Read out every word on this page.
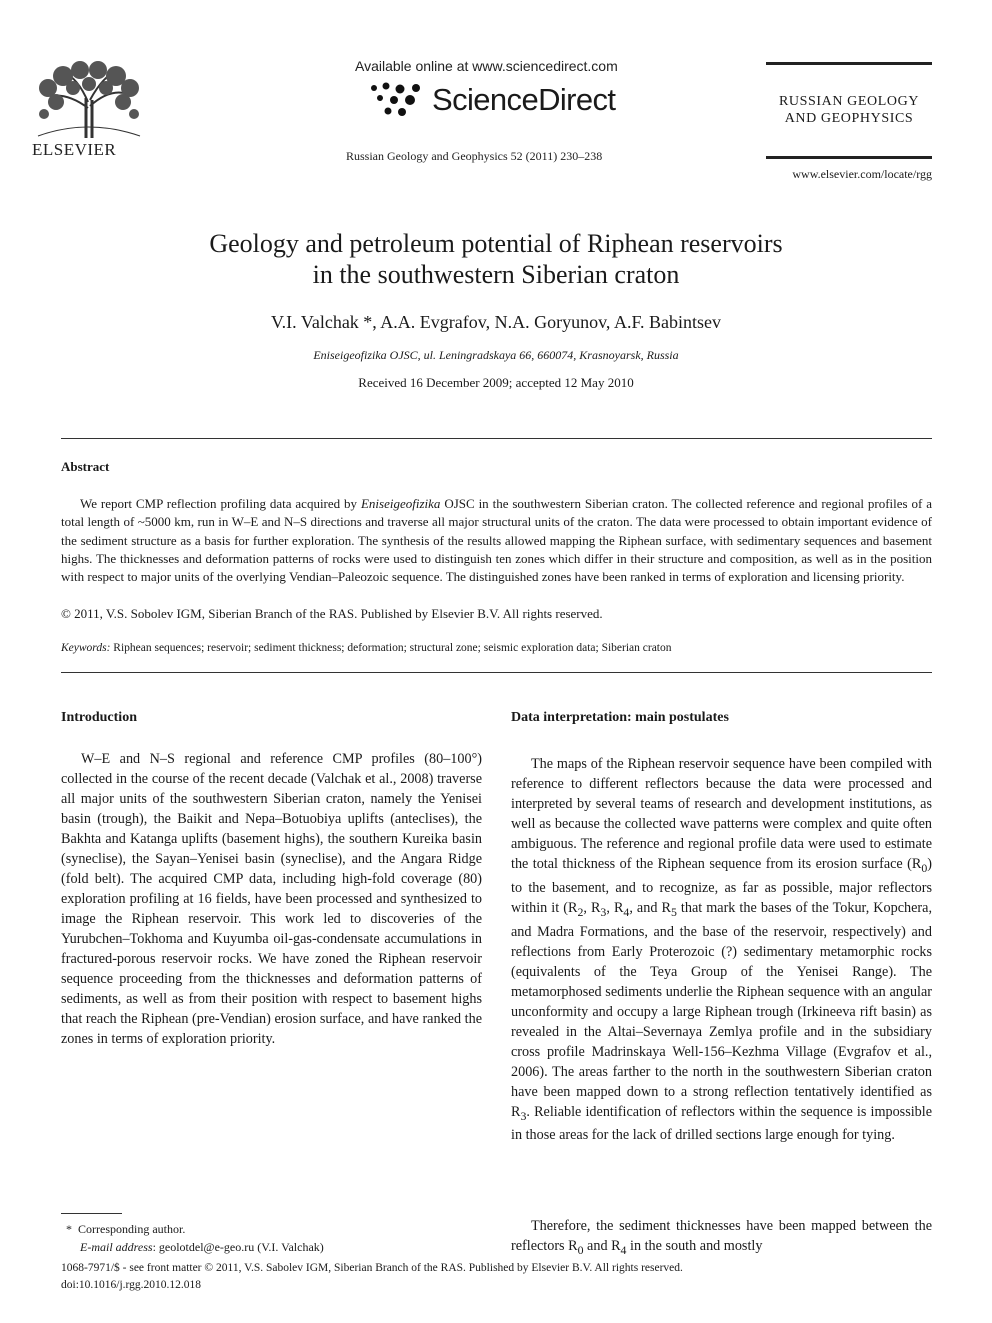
ELSEVIER
Available online at www.sciencedirect.com
ScienceDirect
Russian Geology and Geophysics 52 (2011) 230–238
RUSSIAN GEOLOGY
AND GEOPHYSICS
www.elsevier.com/locate/rgg
Geology and petroleum potential of Riphean reservoirs
in the southwestern Siberian craton
V.I. Valchak *, A.A. Evgrafov, N.A. Goryunov, A.F. Babintsev
Eniseigeofizika OJSC, ul. Leningradskaya 66, 660074, Krasnoyarsk, Russia
Received 16 December 2009; accepted 12 May 2010
Abstract
We report CMP reflection profiling data acquired by Eniseigeofizika OJSC in the southwestern Siberian craton. The collected reference and regional profiles of a total length of ~5000 km, run in W–E and N–S directions and traverse all major structural units of the craton. The data were processed to obtain important evidence of the sediment structure as a basis for further exploration. The synthesis of the results allowed mapping the Riphean surface, with sedimentary sequences and basement highs. The thicknesses and deformation patterns of rocks were used to distinguish ten zones which differ in their structure and composition, as well as in the position with respect to major units of the overlying Vendian–Paleozoic sequence. The distinguished zones have been ranked in terms of exploration and licensing priority.
© 2011, V.S. Sobolev IGM, Siberian Branch of the RAS. Published by Elsevier B.V. All rights reserved.
Keywords: Riphean sequences; reservoir; sediment thickness; deformation; structural zone; seismic exploration data; Siberian craton
Introduction
W–E and N–S regional and reference CMP profiles (80–100°) collected in the course of the recent decade (Valchak et al., 2008) traverse all major units of the southwestern Siberian craton, namely the Yenisei basin (trough), the Baikit and Nepa–Botuobiya uplifts (anteclises), the Bakhta and Katanga uplifts (basement highs), the southern Kureika basin (syneclise), the Sayan–Yenisei basin (syneclise), and the Angara Ridge (fold belt). The acquired CMP data, including high-fold coverage (80) exploration profiling at 16 fields, have been processed and synthesized to image the Riphean reservoir. This work led to discoveries of the Yurubchen–Tokhoma and Kuyumba oil-gas-condensate accumulations in fractured-porous reservoir rocks. We have zoned the Riphean reservoir sequence proceeding from the thicknesses and deformation patterns of sediments, as well as from their position with respect to basement highs that reach the Riphean (pre-Vendian) erosion surface, and have ranked the zones in terms of exploration priority.
Data interpretation: main postulates
The maps of the Riphean reservoir sequence have been compiled with reference to different reflectors because the data were processed and interpreted by several teams of research and development institutions, as well as because the collected wave patterns were complex and quite often ambiguous. The reference and regional profile data were used to estimate the total thickness of the Riphean sequence from its erosion surface $(R_0)$ to the basement, and to recognize, as far as possible, major reflectors within it ($R_2$, $R_3$, $R_4$, and $R_5$ that mark the bases of the Tokur, Kopchera, and Madra Formations, and the base of the reservoir, respectively) and reflections from Early Proterozoic (?) sedimentary metamorphic rocks (equivalents of the Teya Group of the Yenisei Range). The metamorphosed sediments underlie the Riphean sequence with an angular unconformity and occupy a large Riphean trough (Irkineeva rift basin) as revealed in the Altai–Severnaya Zemlya profile and in the subsidiary cross profile Madrinskaya Well-156–Kezhma Village (Evgrafov et al., 2006). The areas farther to the north in the southwestern Siberian craton have been mapped down to a strong reflection tentatively identified as $R_3$. Reliable identification of reflectors within the sequence is impossible in those areas for the lack of drilled sections large enough for tying.
Therefore, the sediment thicknesses have been mapped between the reflectors $R_0$ and $R_4$ in the south and mostly
* Corresponding author.
E-mail address: geolotdel@e-geo.ru (V.I. Valchak)
1068-7971/$ - see front matter © 2011, V.S. Sabolev IGM, Siberian Branch of the RAS. Published by Elsevier B.V. All rights reserved.
doi:10.1016/j.rgg.2010.12.018
